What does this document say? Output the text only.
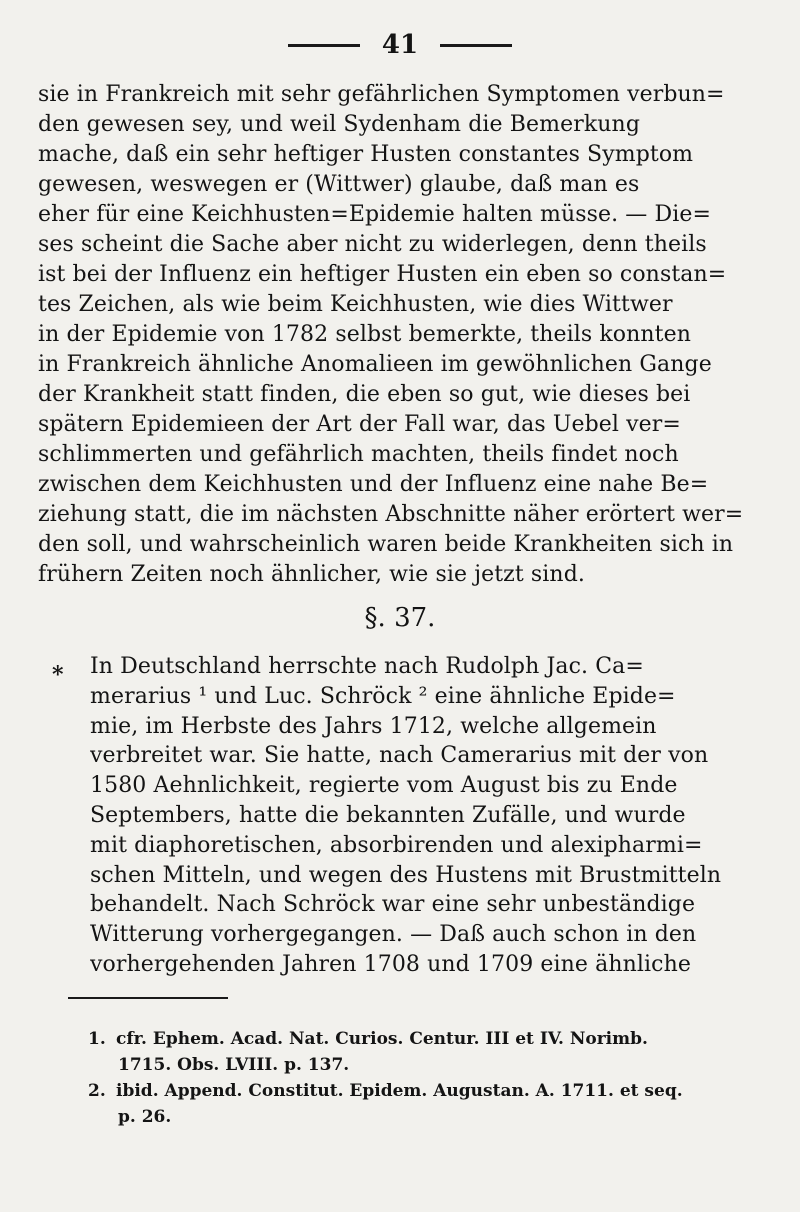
41
sie in Frankreich mit sehr gefährlichen Symptomen verbun=
den gewesen sey, und weil Sydenham die Bemerkung
mache, daß ein sehr heftiger Husten constantes Symptom
gewesen, weswegen er (Wittwer) glaube, daß man es
eher für eine Keichhusten=Epidemie halten müsse. — Die=
ses scheint die Sache aber nicht zu widerlegen, denn theils
ist bei der Influenz ein heftiger Husten ein eben so constan=
tes Zeichen, als wie beim Keichhusten, wie dies Wittwer
in der Epidemie von 1782 selbst bemerkte, theils konnten
in Frankreich ähnliche Anomalieen im gewöhnlichen Gange
der Krankheit statt finden, die eben so gut, wie dieses bei
spätern Epidemieen der Art der Fall war, das Uebel ver=
schlimmerten und gefährlich machten, theils findet noch
zwischen dem Keichhusten und der Influenz eine nahe Be=
ziehung statt, die im nächsten Abschnitte näher erörtert wer=
den soll, und wahrscheinlich waren beide Krankheiten sich in
frühern Zeiten noch ähnlicher, wie sie jetzt sind.
§. 37.
* In Deutschland herrschte nach Rudolph Jac. Ca=
merarius ¹ und Luc. Schröck ² eine ähnliche Epide=
mie, im Herbste des Jahrs 1712, welche allgemein
verbreitet war. Sie hatte, nach Camerarius mit der von
1580 Aehnlichkeit, regierte vom August bis zu Ende
Septembers, hatte die bekannten Zufälle, und wurde
mit diaphoretischen, absorbirenden und alexipharmi=
schen Mitteln, und wegen des Hustens mit Brustmitteln
behandelt. Nach Schröck war eine sehr unbeständige
Witterung vorhergegangen. — Daß auch schon in den
vorhergehenden Jahren 1708 und 1709 eine ähnliche
1. cfr. Ephem. Acad. Nat. Curios. Centur. III et IV. Norimb.
1715. Obs. LVIII. p. 137.
2. ibid. Append. Constitut. Epidem. Augustan. A. 1711. et seq.
p. 26.
